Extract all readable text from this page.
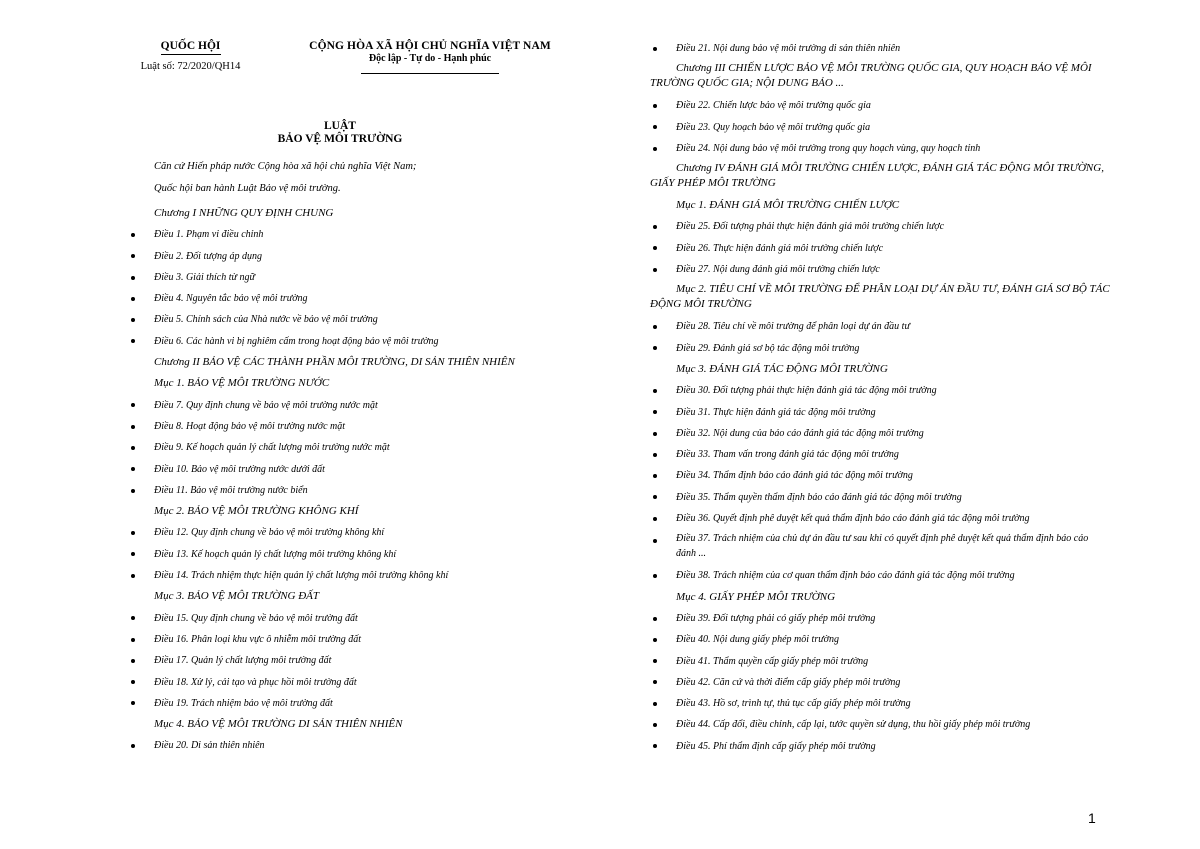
QUỐC HỘI
Luật số: 72/2020/QH14
CỘNG HÒA XÃ HỘI CHỦ NGHĨA VIỆT NAM
Độc lập - Tự do - Hạnh phúc
LUẬT
BẢO VỆ MÔI TRƯỜNG
Căn cứ Hiến pháp nước Cộng hòa xã hội chủ nghĩa Việt Nam;
Quốc hội ban hành Luật Bảo vệ môi trường.
Chương I NHỮNG QUY ĐỊNH CHUNG
Điều 1. Phạm vi điều chỉnh
Điều 2. Đối tượng áp dụng
Điều 3. Giải thích từ ngữ
Điều 4. Nguyên tắc bảo vệ môi trường
Điều 5. Chính sách của Nhà nước về bảo vệ môi trường
Điều 6. Các hành vi bị nghiêm cấm trong hoạt động bảo vệ môi trường
Chương II BẢO VỆ CÁC THÀNH PHẦN MÔI TRƯỜNG, DI SẢN THIÊN NHIÊN
Mục 1. BẢO VỆ MÔI TRƯỜNG NƯỚC
Điều 7. Quy định chung về bảo vệ môi trường nước mặt
Điều 8. Hoạt động bảo vệ môi trường nước mặt
Điều 9. Kế hoạch quản lý chất lượng môi trường nước mặt
Điều 10. Bảo vệ môi trường nước dưới đất
Điều 11. Bảo vệ môi trường nước biển
Mục 2. BẢO VỆ MÔI TRƯỜNG KHÔNG KHÍ
Điều 12. Quy định chung về bảo vệ môi trường không khí
Điều 13. Kế hoạch quản lý chất lượng môi trường không khí
Điều 14. Trách nhiệm thực hiện quản lý chất lượng môi trường không khí
Mục 3. BẢO VỆ MÔI TRƯỜNG ĐẤT
Điều 15. Quy định chung về bảo vệ môi trường đất
Điều 16. Phân loại khu vực ô nhiễm môi trường đất
Điều 17. Quản lý chất lượng môi trường đất
Điều 18. Xử lý, cải tạo và phục hồi môi trường đất
Điều 19. Trách nhiệm bảo vệ môi trường đất
Mục 4. BẢO VỆ MÔI TRƯỜNG DI SẢN THIÊN NHIÊN
Điều 20. Di sản thiên nhiên
Điều 21. Nội dung bảo vệ môi trường di sản thiên nhiên
Chương III CHIẾN LƯỢC BẢO VỆ MÔI TRƯỜNG QUỐC GIA, QUY HOẠCH BẢO VỆ MÔI TRƯỜNG QUỐC GIA; NỘI DUNG BẢO ...
Điều 22. Chiến lược bảo vệ môi trường quốc gia
Điều 23. Quy hoạch bảo vệ môi trường quốc gia
Điều 24. Nội dung bảo vệ môi trường trong quy hoạch vùng, quy hoạch tỉnh
Chương IV ĐÁNH GIÁ MÔI TRƯỜNG CHIẾN LƯỢC, ĐÁNH GIÁ TÁC ĐỘNG MÔI TRƯỜNG, GIẤY PHÉP MÔI TRƯỜNG
Mục 1. ĐÁNH GIÁ MÔI TRƯỜNG CHIẾN LƯỢC
Điều 25. Đối tượng phải thực hiện đánh giá môi trường chiến lược
Điều 26. Thực hiện đánh giá môi trường chiến lược
Điều 27. Nội dung đánh giá môi trường chiến lược
Mục 2. TIÊU CHÍ VỀ MÔI TRƯỜNG ĐỂ PHÂN LOẠI DỰ ÁN ĐẦU TƯ, ĐÁNH GIÁ SƠ BỘ TÁC ĐỘNG MÔI TRƯỜNG
Điều 28. Tiêu chí về môi trường để phân loại dự án đầu tư
Điều 29. Đánh giá sơ bộ tác động môi trường
Mục 3. ĐÁNH GIÁ TÁC ĐỘNG MÔI TRƯỜNG
Điều 30. Đối tượng phải thực hiện đánh giá tác động môi trường
Điều 31. Thực hiện đánh giá tác động môi trường
Điều 32. Nội dung của báo cáo đánh giá tác động môi trường
Điều 33. Tham vấn trong đánh giá tác động môi trường
Điều 34. Thẩm định báo cáo đánh giá tác động môi trường
Điều 35. Thẩm quyền thẩm định báo cáo đánh giá tác động môi trường
Điều 36. Quyết định phê duyệt kết quả thẩm định báo cáo đánh giá tác động môi trường
Điều 37. Trách nhiệm của chủ dự án đầu tư sau khi có quyết định phê duyệt kết quả thẩm định báo cáo đánh ...
Điều 38. Trách nhiệm của cơ quan thẩm định báo cáo đánh giá tác động môi trường
Mục 4. GIẤY PHÉP MÔI TRƯỜNG
Điều 39. Đối tượng phải có giấy phép môi trường
Điều 40. Nội dung giấy phép môi trường
Điều 41. Thẩm quyền cấp giấy phép môi trường
Điều 42. Căn cứ và thời điểm cấp giấy phép môi trường
Điều 43. Hồ sơ, trình tự, thủ tục cấp giấy phép môi trường
Điều 44. Cấp đổi, điều chỉnh, cấp lại, tước quyền sử dụng, thu hồi giấy phép môi trường
Điều 45. Phí thẩm định cấp giấy phép môi trường
1
